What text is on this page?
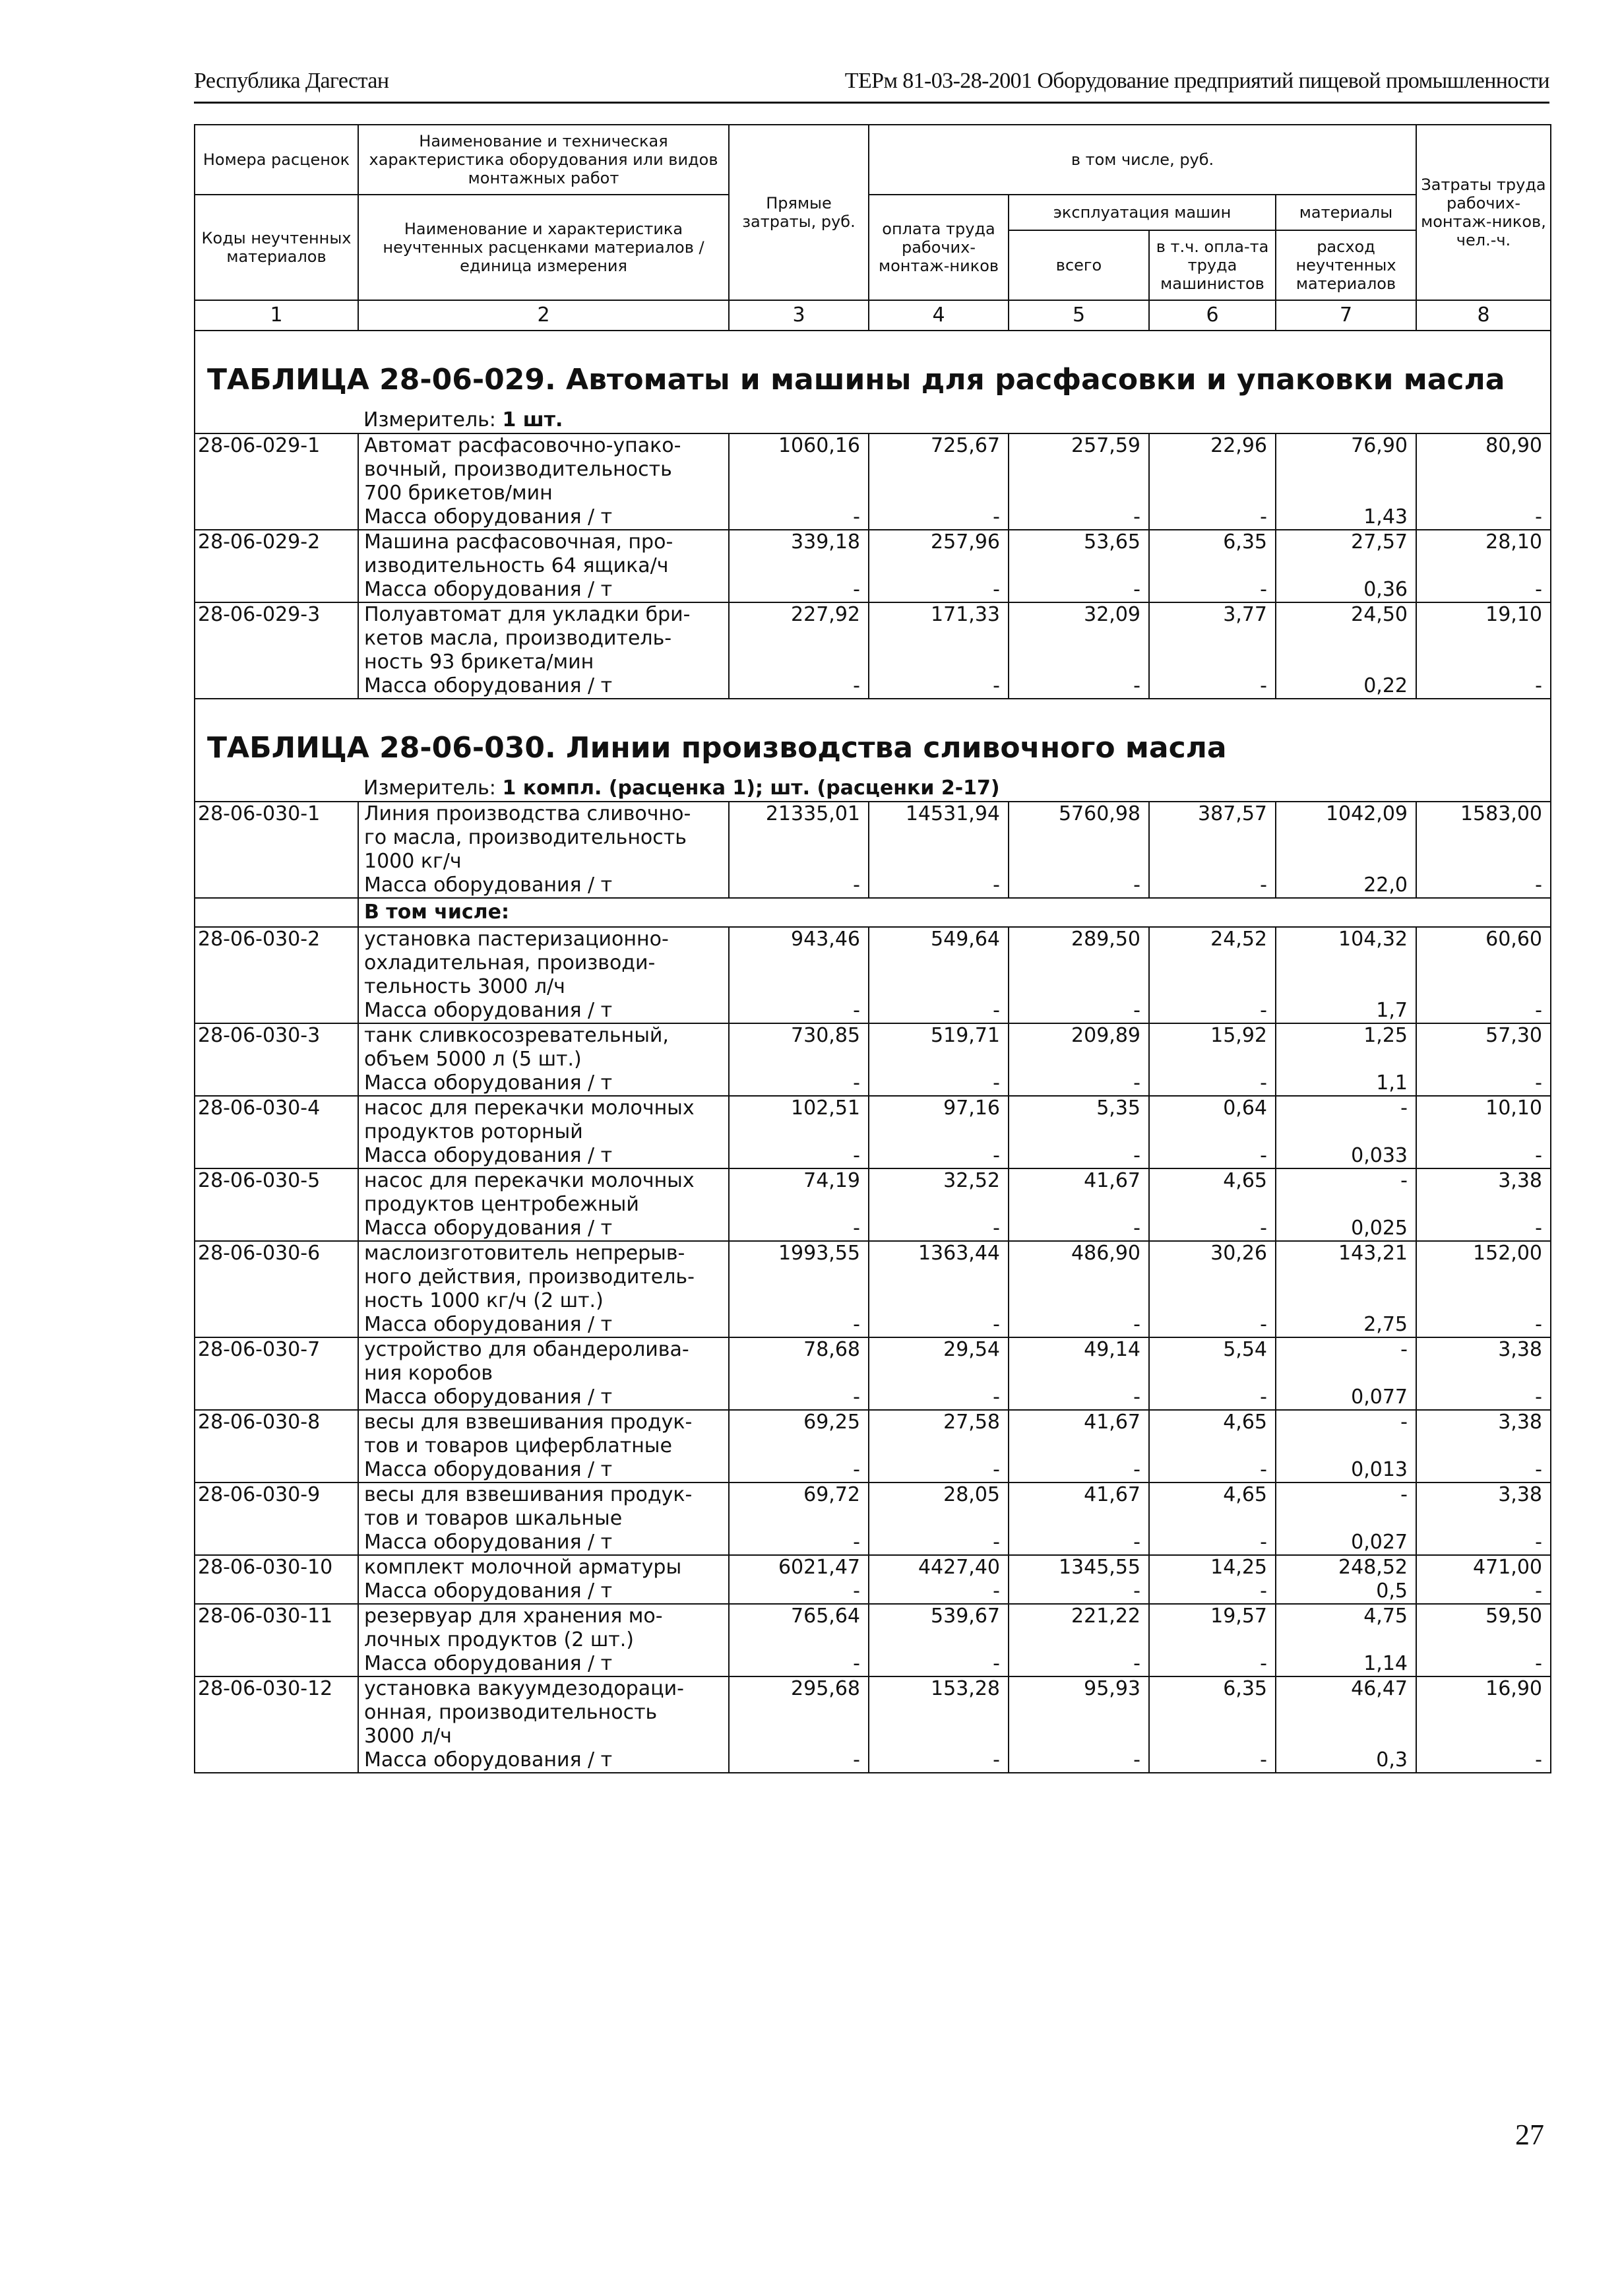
Республика Дагестан	ТЕРм 81-03-28-2001 Оборудование предприятий пищевой промышленности
Номера расценок	Наименование и техническая характеристика оборудования или видов монтажных работ	Прямые затраты, руб.	в том числе, руб.				Затраты труда рабочих-монтаж-ников, чел.-ч.
Коды неучтенных материалов	Наименование и характеристика неучтенных расценками материалов / единица измерения		оплата труда рабочих-монтаж-ников	эксплуатация машин		материалы	
				всего	в т.ч. опла-та труда машинистов	расход неучтенных материалов	
1	2	3	4	5	6	7	8
ТАБЛИЦА 28-06-029. Автоматы и машины для расфасовки и упаковки масла							
	Измеритель: 1 шт.						
28-06-029-1	Автомат расфасовочно-упако-
вочный, производительность
700 брикетов/мин	1060,16	725,67	257,59	22,96	76,90	80,90
	Масса оборудования / т	-	-	-	-	1,43	-
28-06-029-2	Машина расфасовочная, про-
изводительность 64 ящика/ч	339,18	257,96	53,65	6,35	27,57	28,10
	Масса оборудования / т	-	-	-	-	0,36	-
28-06-029-3	Полуавтомат для укладки бри-
кетов масла, производитель-
ность 93 брикета/мин	227,92	171,33	32,09	3,77	24,50	19,10
	Масса оборудования / т	-	-	-	-	0,22	-
ТАБЛИЦА 28-06-030. Линии производства сливочного масла							
	Измеритель: 1 компл. (расценка 1); шт. (расценки 2-17)						
28-06-030-1	Линия производства сливочно-
го масла, производительность
1000 кг/ч	21335,01	14531,94	5760,98	387,57	1042,09	1583,00
	Масса оборудования / т	-	-	-	-	22,0	-
	В том числе:						
28-06-030-2	установка пастеризационно-
охладительная, производи-
тельность 3000 л/ч	943,46	549,64	289,50	24,52	104,32	60,60
	Масса оборудования / т	-	-	-	-	1,7	-
28-06-030-3	танк сливкосозревательный,
объем 5000 л (5 шт.)	730,85	519,71	209,89	15,92	1,25	57,30
	Масса оборудования / т	-	-	-	-	1,1	-
28-06-030-4	насос для перекачки молочных
продуктов роторный	102,51	97,16	5,35	0,64	-	10,10
	Масса оборудования / т	-	-	-	-	0,033	-
28-06-030-5	насос для перекачки молочных
продуктов центробежный	74,19	32,52	41,67	4,65	-	3,38
	Масса оборудования / т	-	-	-	-	0,025	-
28-06-030-6	маслоизготовитель непрерыв-
ного действия, производитель-
ность 1000 кг/ч (2 шт.)	1993,55	1363,44	486,90	30,26	143,21	152,00
	Масса оборудования / т	-	-	-	-	2,75	-
28-06-030-7	устройство для обандеролива-
ния коробов	78,68	29,54	49,14	5,54	-	3,38
	Масса оборудования / т	-	-	-	-	0,077	-
28-06-030-8	весы для взвешивания продук-
тов и товаров циферблатные	69,25	27,58	41,67	4,65	-	3,38
	Масса оборудования / т	-	-	-	-	0,013	-
28-06-030-9	весы для взвешивания продук-
тов и товаров шкальные	69,72	28,05	41,67	4,65	-	3,38
	Масса оборудования / т	-	-	-	-	0,027	-
28-06-030-10	комплект молочной арматуры	6021,47	4427,40	1345,55	14,25	248,52	471,00
	Масса оборудования / т	-	-	-	-	0,5	-
28-06-030-11	резервуар для хранения мо-
лочных продуктов (2 шт.)	765,64	539,67	221,22	19,57	4,75	59,50
	Масса оборудования / т	-	-	-	-	1,14	-
28-06-030-12	установка вакуумдезодораци-
онная, производительность
3000 л/ч	295,68	153,28	95,93	6,35	46,47	16,90
	Масса оборудования / т	-	-	-	-	0,3	-
27
